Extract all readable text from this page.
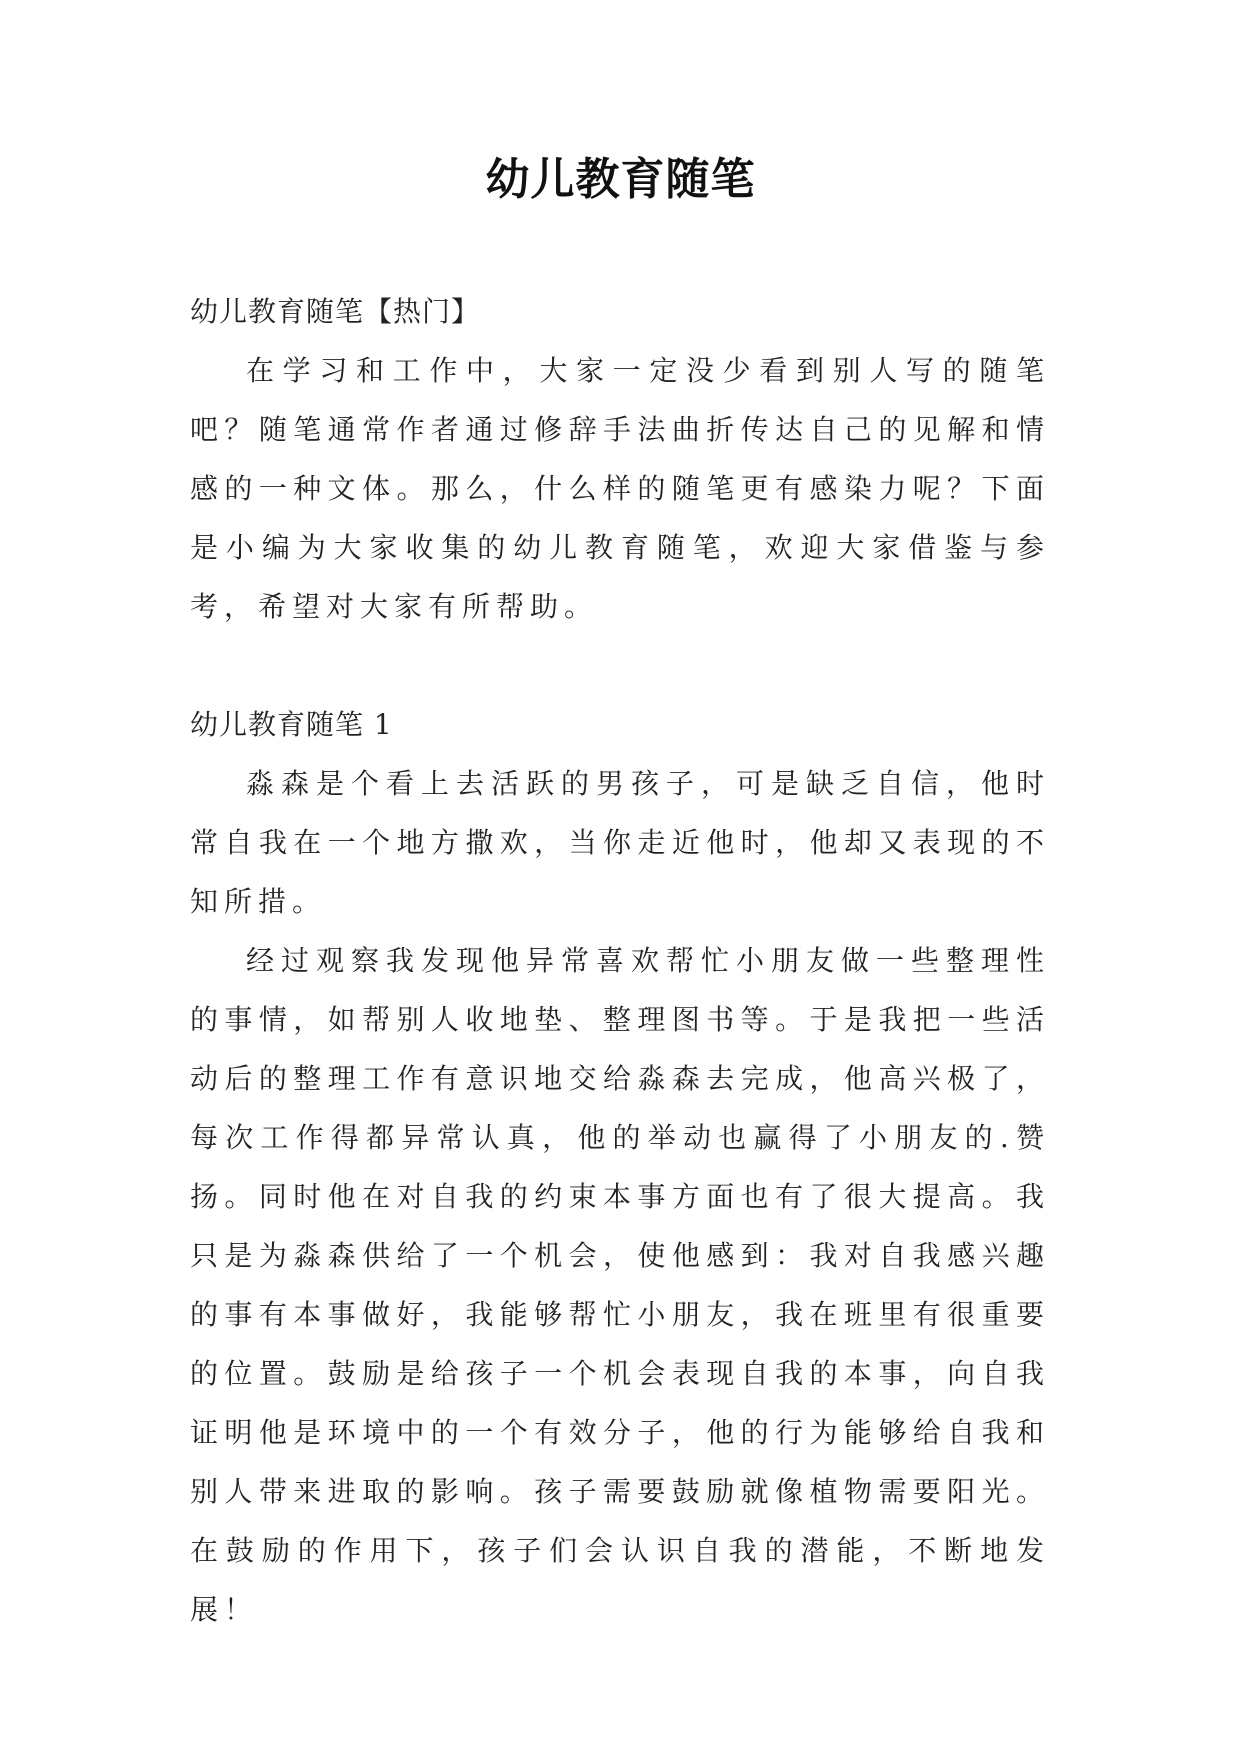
幼儿教育随笔

幼儿教育随笔【热门】

在学习和工作中，大家一定没少看到别人写的随笔吧？随笔通常作者通过修辞手法曲折传达自己的见解和情感的一种文体。那么，什么样的随笔更有感染力呢？下面是小编为大家收集的幼儿教育随笔，欢迎大家借鉴与参考，希望对大家有所帮助。

幼儿教育随笔 1

淼森是个看上去活跃的男孩子，可是缺乏自信，他时常自我在一个地方撒欢，当你走近他时，他却又表现的不知所措。

经过观察我发现他异常喜欢帮忙小朋友做一些整理性的事情，如帮别人收地垫、整理图书等。于是我把一些活动后的整理工作有意识地交给淼森去完成，他高兴极了，每次工作得都异常认真，他的举动也赢得了小朋友的.赞扬。同时他在对自我的约束本事方面也有了很大提高。我只是为淼森供给了一个机会，使他感到：我对自我感兴趣的事有本事做好，我能够帮忙小朋友，我在班里有很重要的位置。鼓励是给孩子一个机会表现自我的本事，向自我证明他是环境中的一个有效分子，他的行为能够给自我和别人带来进取的影响。孩子需要鼓励就像植物需要阳光。在鼓励的作用下，孩子们会认识自我的潜能，不断地发展！
